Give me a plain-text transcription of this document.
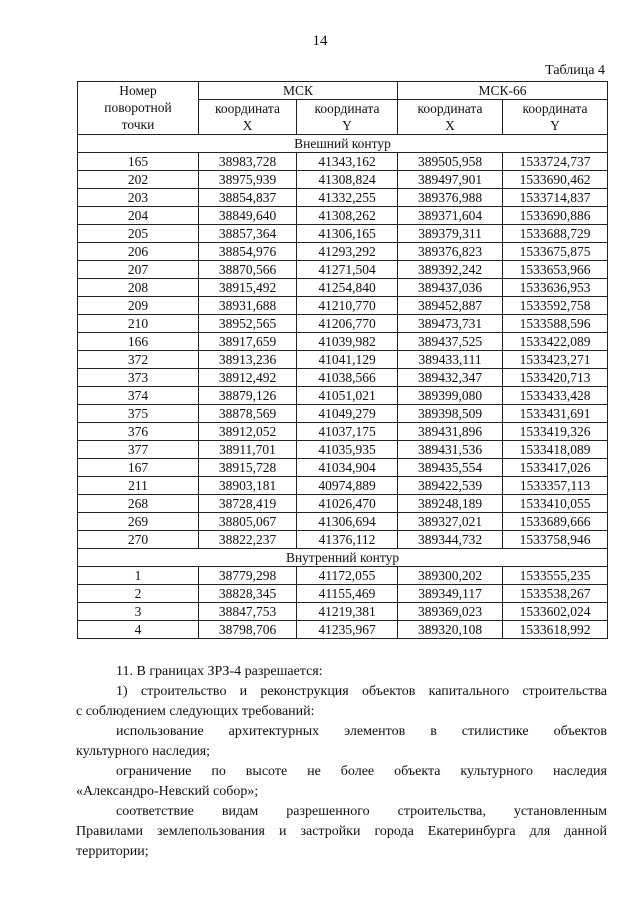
14
Таблица 4
Номер поворотной точки	МСК		МСК-66	
	координата X	координата Y	координата X	координата Y
Внешний контур				
165	38983,728	41343,162	389505,958	1533724,737
202	38975,939	41308,824	389497,901	1533690,462
203	38854,837	41332,255	389376,988	1533714,837
204	38849,640	41308,262	389371,604	1533690,886
205	38857,364	41306,165	389379,311	1533688,729
206	38854,976	41293,292	389376,823	1533675,875
207	38870,566	41271,504	389392,242	1533653,966
208	38915,492	41254,840	389437,036	1533636,953
209	38931,688	41210,770	389452,887	1533592,758
210	38952,565	41206,770	389473,731	1533588,596
166	38917,659	41039,982	389437,525	1533422,089
372	38913,236	41041,129	389433,111	1533423,271
373	38912,492	41038,566	389432,347	1533420,713
374	38879,126	41051,021	389399,080	1533433,428
375	38878,569	41049,279	389398,509	1533431,691
376	38912,052	41037,175	389431,896	1533419,326
377	38911,701	41035,935	389431,536	1533418,089
167	38915,728	41034,904	389435,554	1533417,026
211	38903,181	40974,889	389422,539	1533357,113
268	38728,419	41026,470	389248,189	1533410,055
269	38805,067	41306,694	389327,021	1533689,666
270	38822,237	41376,112	389344,732	1533758,946
Внутренний контур				
1	38779,298	41172,055	389300,202	1533555,235
2	38828,345	41155,469	389349,117	1533538,267
3	38847,753	41219,381	389369,023	1533602,024
4	38798,706	41235,967	389320,108	1533618,992

11. В границах ЗРЗ-4 разрешается:

1) строительство и реконструкция объектов капитального строительства

с соблюдением следующих требований:

использование архитектурных элементов в стилистике объектов

культурного наследия;

ограничение по высоте не более объекта культурного наследия

«Александро-Невский собор»;

соответствие видам разрешенного строительства, установленным

Правилами землепользования и застройки города Екатеринбурга для данной

территории;
